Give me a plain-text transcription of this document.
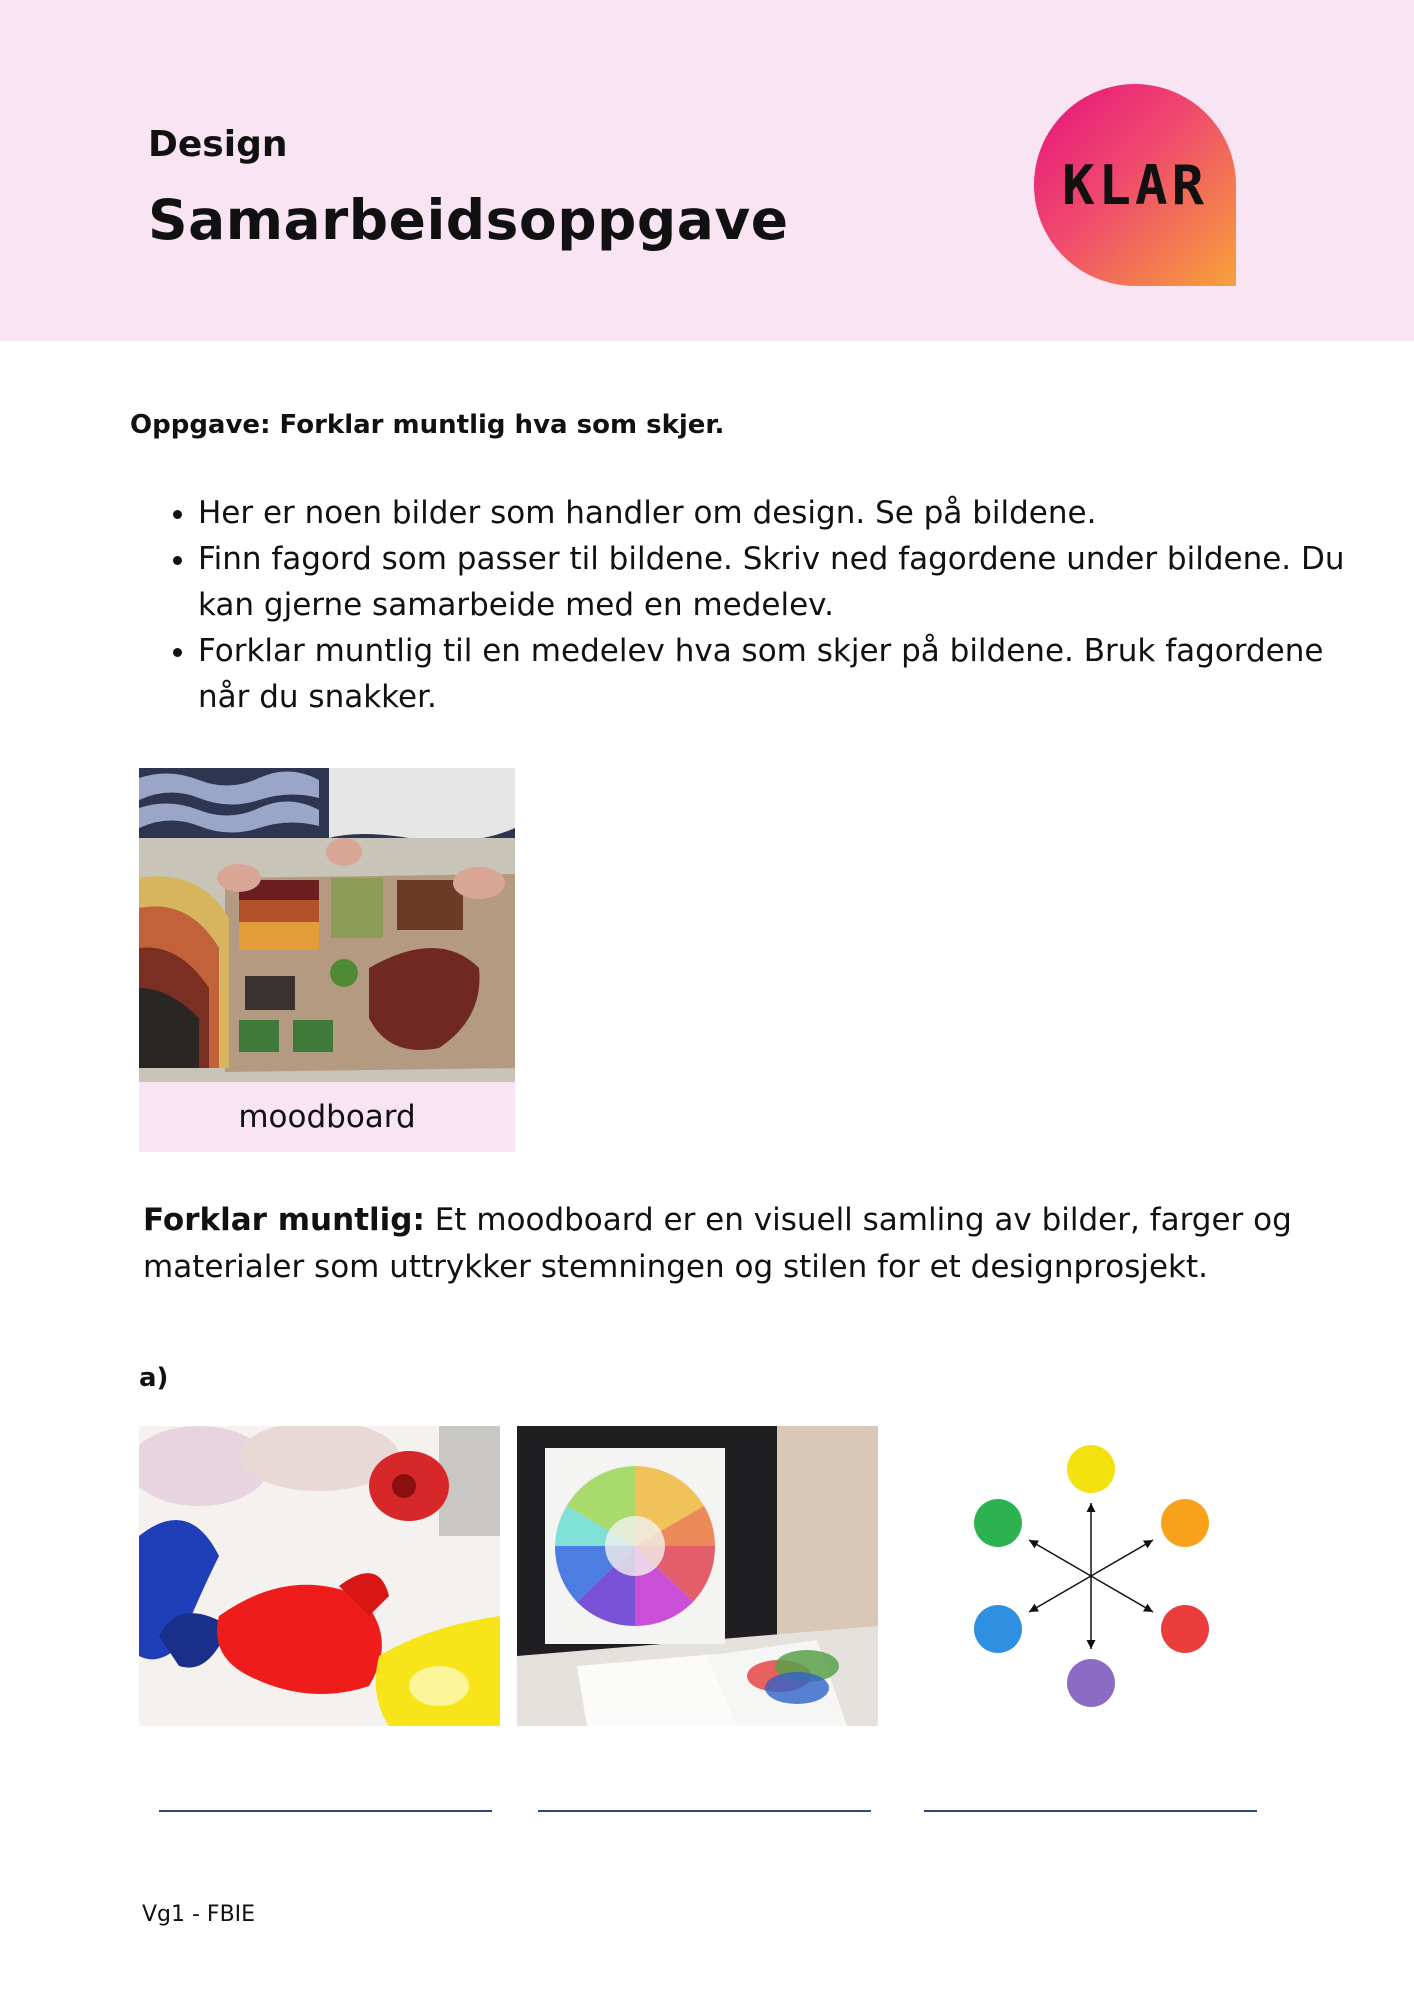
Design
Samarbeidsoppgave
KLAR
Oppgave: Forklar muntlig hva som skjer.
• Her er noen bilder som handler om design. Se på bildene.
• Finn fagord som passer til bildene. Skriv ned fagordene under bildene. Du kan gjerne samarbeide med en medelev.
• Forklar muntlig til en medelev hva som skjer på bildene. Bruk fagordene når du snakker.
moodboard
Forklar muntlig: Et moodboard er en visuell samling av bilder, farger og materialer som uttrykker stemningen og stilen for et designprosjekt.
a)
Vg1 - FBIE
